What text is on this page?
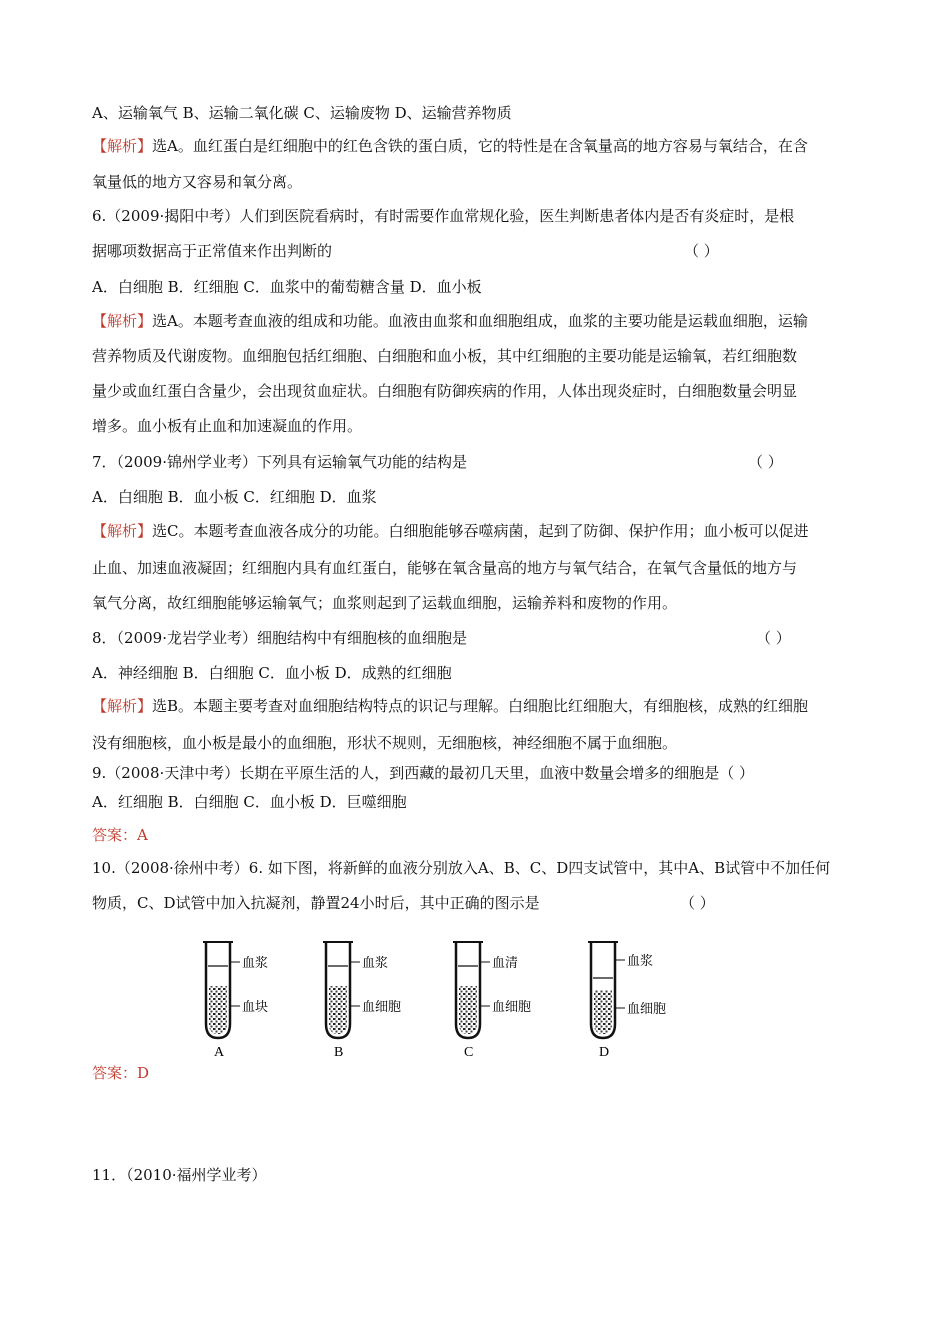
A、运输氧气 B、运输二氧化碳 C、运输废物 D、运输营养物质
【解析】选A。血红蛋白是红细胞中的红色含铁的蛋白质，它的特性是在含氧量高的地方容易与氧结合，在含
氧量低的地方又容易和氧分离。
6.（2009·揭阳中考）人们到医院看病时，有时需要作血常规化验，医生判断患者体内是否有炎症时，是根
据哪项数据高于正常值来作出判断的	（ ）
A．白细胞 B．红细胞 C．血浆中的葡萄糖含量 D．血小板
【解析】选A。本题考查血液的组成和功能。血液由血浆和血细胞组成，血浆的主要功能是运载血细胞，运输
营养物质及代谢废物。血细胞包括红细胞、白细胞和血小板，其中红细胞的主要功能是运输氧，若红细胞数
量少或血红蛋白含量少，会出现贫血症状。白细胞有防御疾病的作用，人体出现炎症时，白细胞数量会明显
增多。血小板有止血和加速凝血的作用。
7．（2009·锦州学业考）下列具有运输氧气功能的结构是	（ ）
A．白细胞 B．血小板 C．红细胞 D．血浆
【解析】选C。本题考查血液各成分的功能。白细胞能够吞噬病菌，起到了防御、保护作用；血小板可以促进
止血、加速血液凝固；红细胞内具有血红蛋白，能够在氧含量高的地方与氧气结合，在氧气含量低的地方与
氧气分离，故红细胞能够运输氧气；血浆则起到了运载血细胞，运输养料和废物的作用。
8．（2009·龙岩学业考）细胞结构中有细胞核的血细胞是	（ ）
A．神经细胞 B．白细胞 C．血小板 D．成熟的红细胞
【解析】选B。本题主要考查对血细胞结构特点的识记与理解。白细胞比红细胞大，有细胞核，成熟的红细胞
没有细胞核，血小板是最小的血细胞，形状不规则，无细胞核，神经细胞不属于血细胞。
9.（2008·天津中考）长期在平原生活的人，到西藏的最初几天里，血液中数量会增多的细胞是（ ）
A．红细胞 B．白细胞 C．血小板 D．巨噬细胞
答案：A
10.（2008·徐州中考）6. 如下图，将新鲜的血液分别放入A、B、C、D四支试管中，其中A、B试管中不加任何
物质，C、D试管中加入抗凝剂，静置24小时后，其中正确的图示是	（ ）
血浆
血块
A
血浆
血细胞
B
血清
血细胞
C
血浆
血细胞
D
答案：D
11．（2010·福州学业考）
